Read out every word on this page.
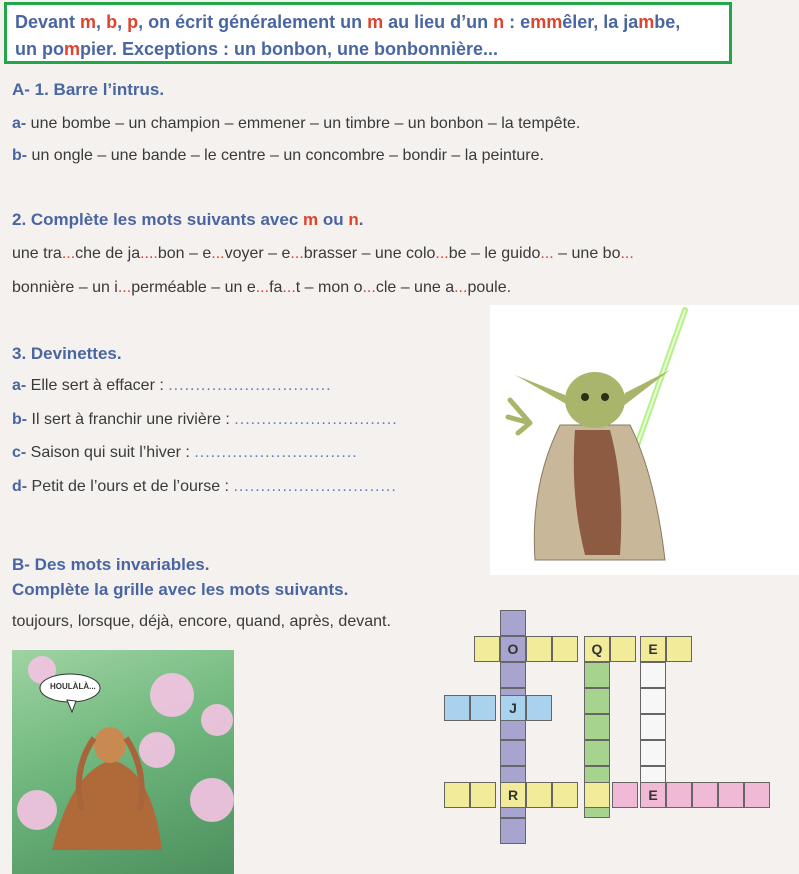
Devant m, b, p, on écrit généralement un m au lieu d’un n : emmêler, la jambe,
un pompier. Exceptions : un bonbon, une bonbonnière...
A- 1. Barre l’intrus.
a- une bombe – un champion – emmener – un timbre – un bonbon – la tempête.
b- un ongle – une bande – le centre – un concombre – bondir – la peinture.
2. Complète les mots suivants avec m ou n.
une tra...che de ja....bon – e...voyer – e...brasser – une colo...be – le guido... – une bo...
bonnière – un i...perméable – un e...fa...t – mon o...cle – une a...poule.
3. Devinettes.
a- Elle sert à effacer : ..............................
b- Il sert à franchir une rivière : ..............................
c- Saison qui suit l’hiver : ..............................
d- Petit de l’ours et de l’ourse : ..............................
B- Des mots invariables.
Complète la grille avec les mots suivants.
toujours, lorsque, déjà, encore, quand, après, devant.
HOULÀLÀ...
O	Q	E
J
R	E
